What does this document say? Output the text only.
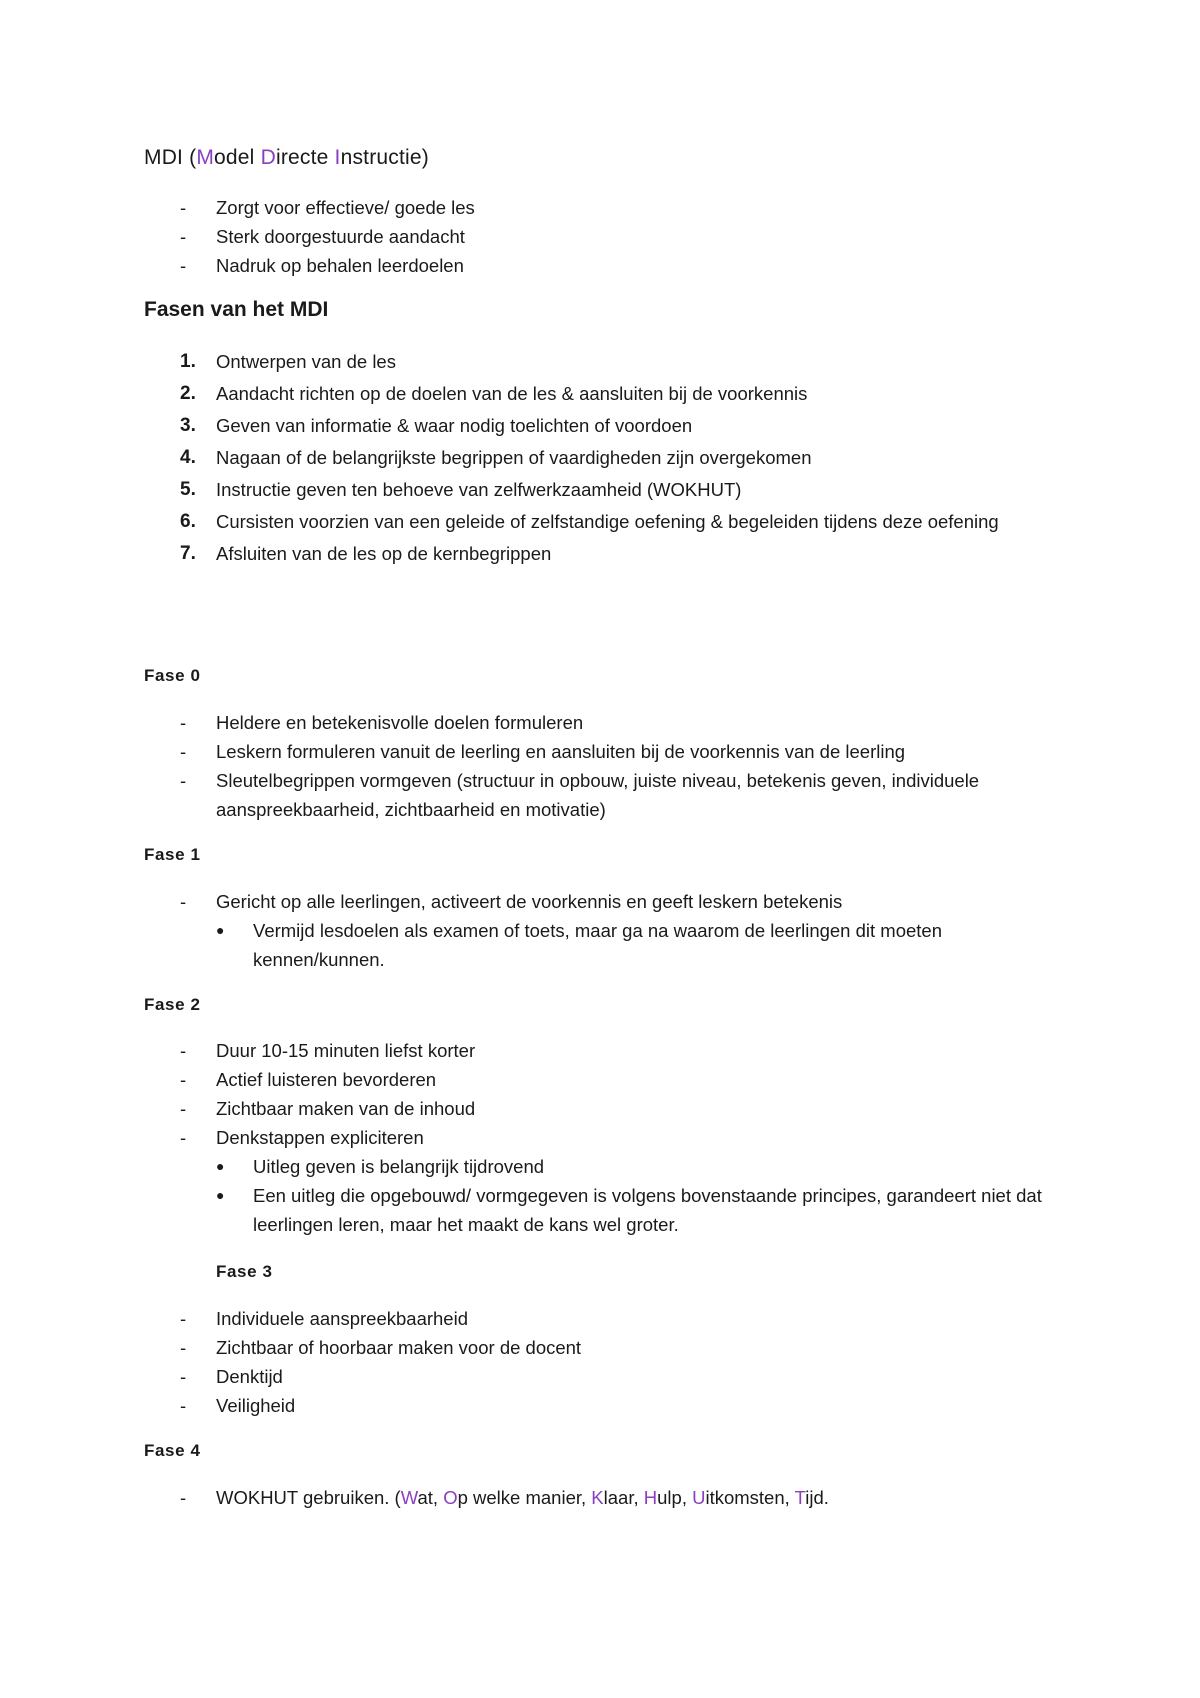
MDI (Model Directe Instructie)
- Zorgt voor effectieve/ goede les
- Sterk doorgestuurde aandacht
- Nadruk op behalen leerdoelen
Fasen van het MDI
1. Ontwerpen van de les
2. Aandacht richten op de doelen van de les & aansluiten bij de voorkennis
3. Geven van informatie & waar nodig toelichten of voordoen
4. Nagaan of de belangrijkste begrippen of vaardigheden zijn overgekomen
5. Instructie geven ten behoeve van zelfwerkzaamheid (WOKHUT)
6. Cursisten voorzien van een geleide of zelfstandige oefening & begeleiden tijdens deze oefening
7. Afsluiten van de les op de kernbegrippen
Fase 0
- Heldere en betekenisvolle doelen formuleren
- Leskern formuleren vanuit de leerling en aansluiten bij de voorkennis van de leerling
- Sleutelbegrippen vormgeven (structuur in opbouw, juiste niveau, betekenis geven, individuele aanspreekbaarheid, zichtbaarheid en motivatie)
Fase 1
- Gericht op alle leerlingen, activeert de voorkennis en geeft leskern betekenis
● Vermijd lesdoelen als examen of toets, maar ga na waarom de leerlingen dit moeten kennen/kunnen.
Fase 2
- Duur 10-15 minuten liefst korter
- Actief luisteren bevorderen
- Zichtbaar maken van de inhoud
- Denkstappen expliciteren
● Uitleg geven is belangrijk tijdrovend
● Een uitleg die opgebouwd/ vormgegeven is volgens bovenstaande principes, garandeert niet dat leerlingen leren, maar het maakt de kans wel groter.
Fase 3
- Individuele aanspreekbaarheid
- Zichtbaar of hoorbaar maken voor de docent
- Denktijd
- Veiligheid
Fase 4
- WOKHUT gebruiken. (Wat, Op welke manier, Klaar, Hulp, Uitkomsten, Tijd.
